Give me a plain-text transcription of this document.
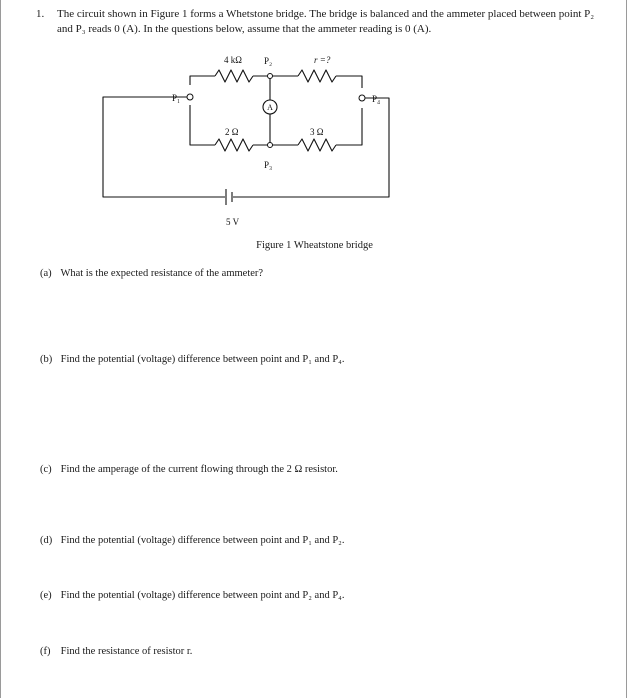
1. The circuit shown in Figure 1 forms a Whetstone bridge. The bridge is balanced and the ammeter placed between point P₂ and P₃ reads 0 (A). In the questions below, assume that the ammeter reading is 0 (A).
P₁
P₂
P₃
P₄
4 kΩ	r =?
2 Ω	3 Ω
A
5 V
Figure 1 Wheatstone bridge
(a) What is the expected resistance of the ammeter?
(b) Find the potential (voltage) difference between point and P₁ and P₄.
(c) Find the amperage of the current flowing through the 2 Ω resistor.
(d) Find the potential (voltage) difference between point and P₁ and P₂.
(e) Find the potential (voltage) difference between point and P₂ and P₄.
(f) Find the resistance of resistor r.
